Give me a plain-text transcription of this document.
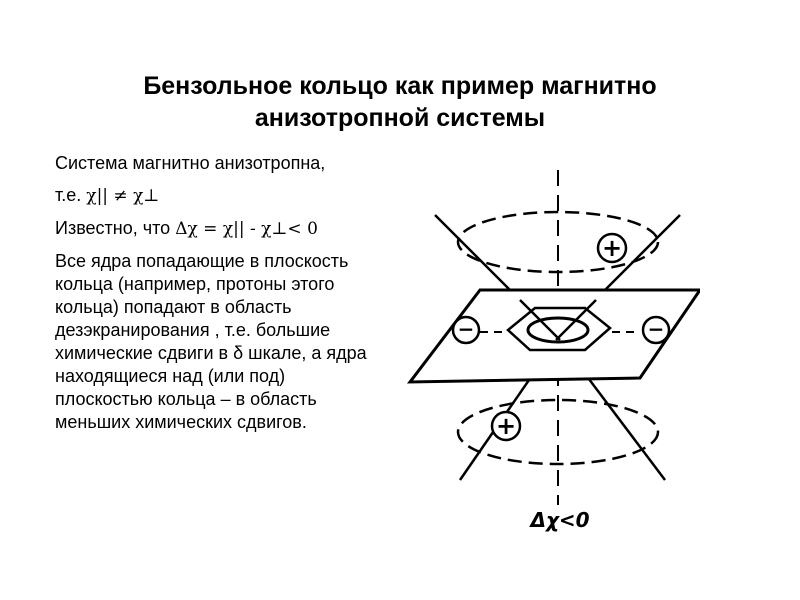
Бензольное кольцо как пример магнитно
анизотропной системы

Система магнитно анизотропна,

т.е. χ|| ≠ χ⊥

Известно, что Δχ = χ|| - χ⊥< 0

Все ядра попадающие в плоскость кольца (например, протоны этого кольца) попадают в область дезэкранирования , т.е. большие химические сдвиги в δ шкале, а ядра находящиеся над (или под) плоскостью кольца – в область меньших химических сдвигов.

−	−
+
+
Δχ<0
